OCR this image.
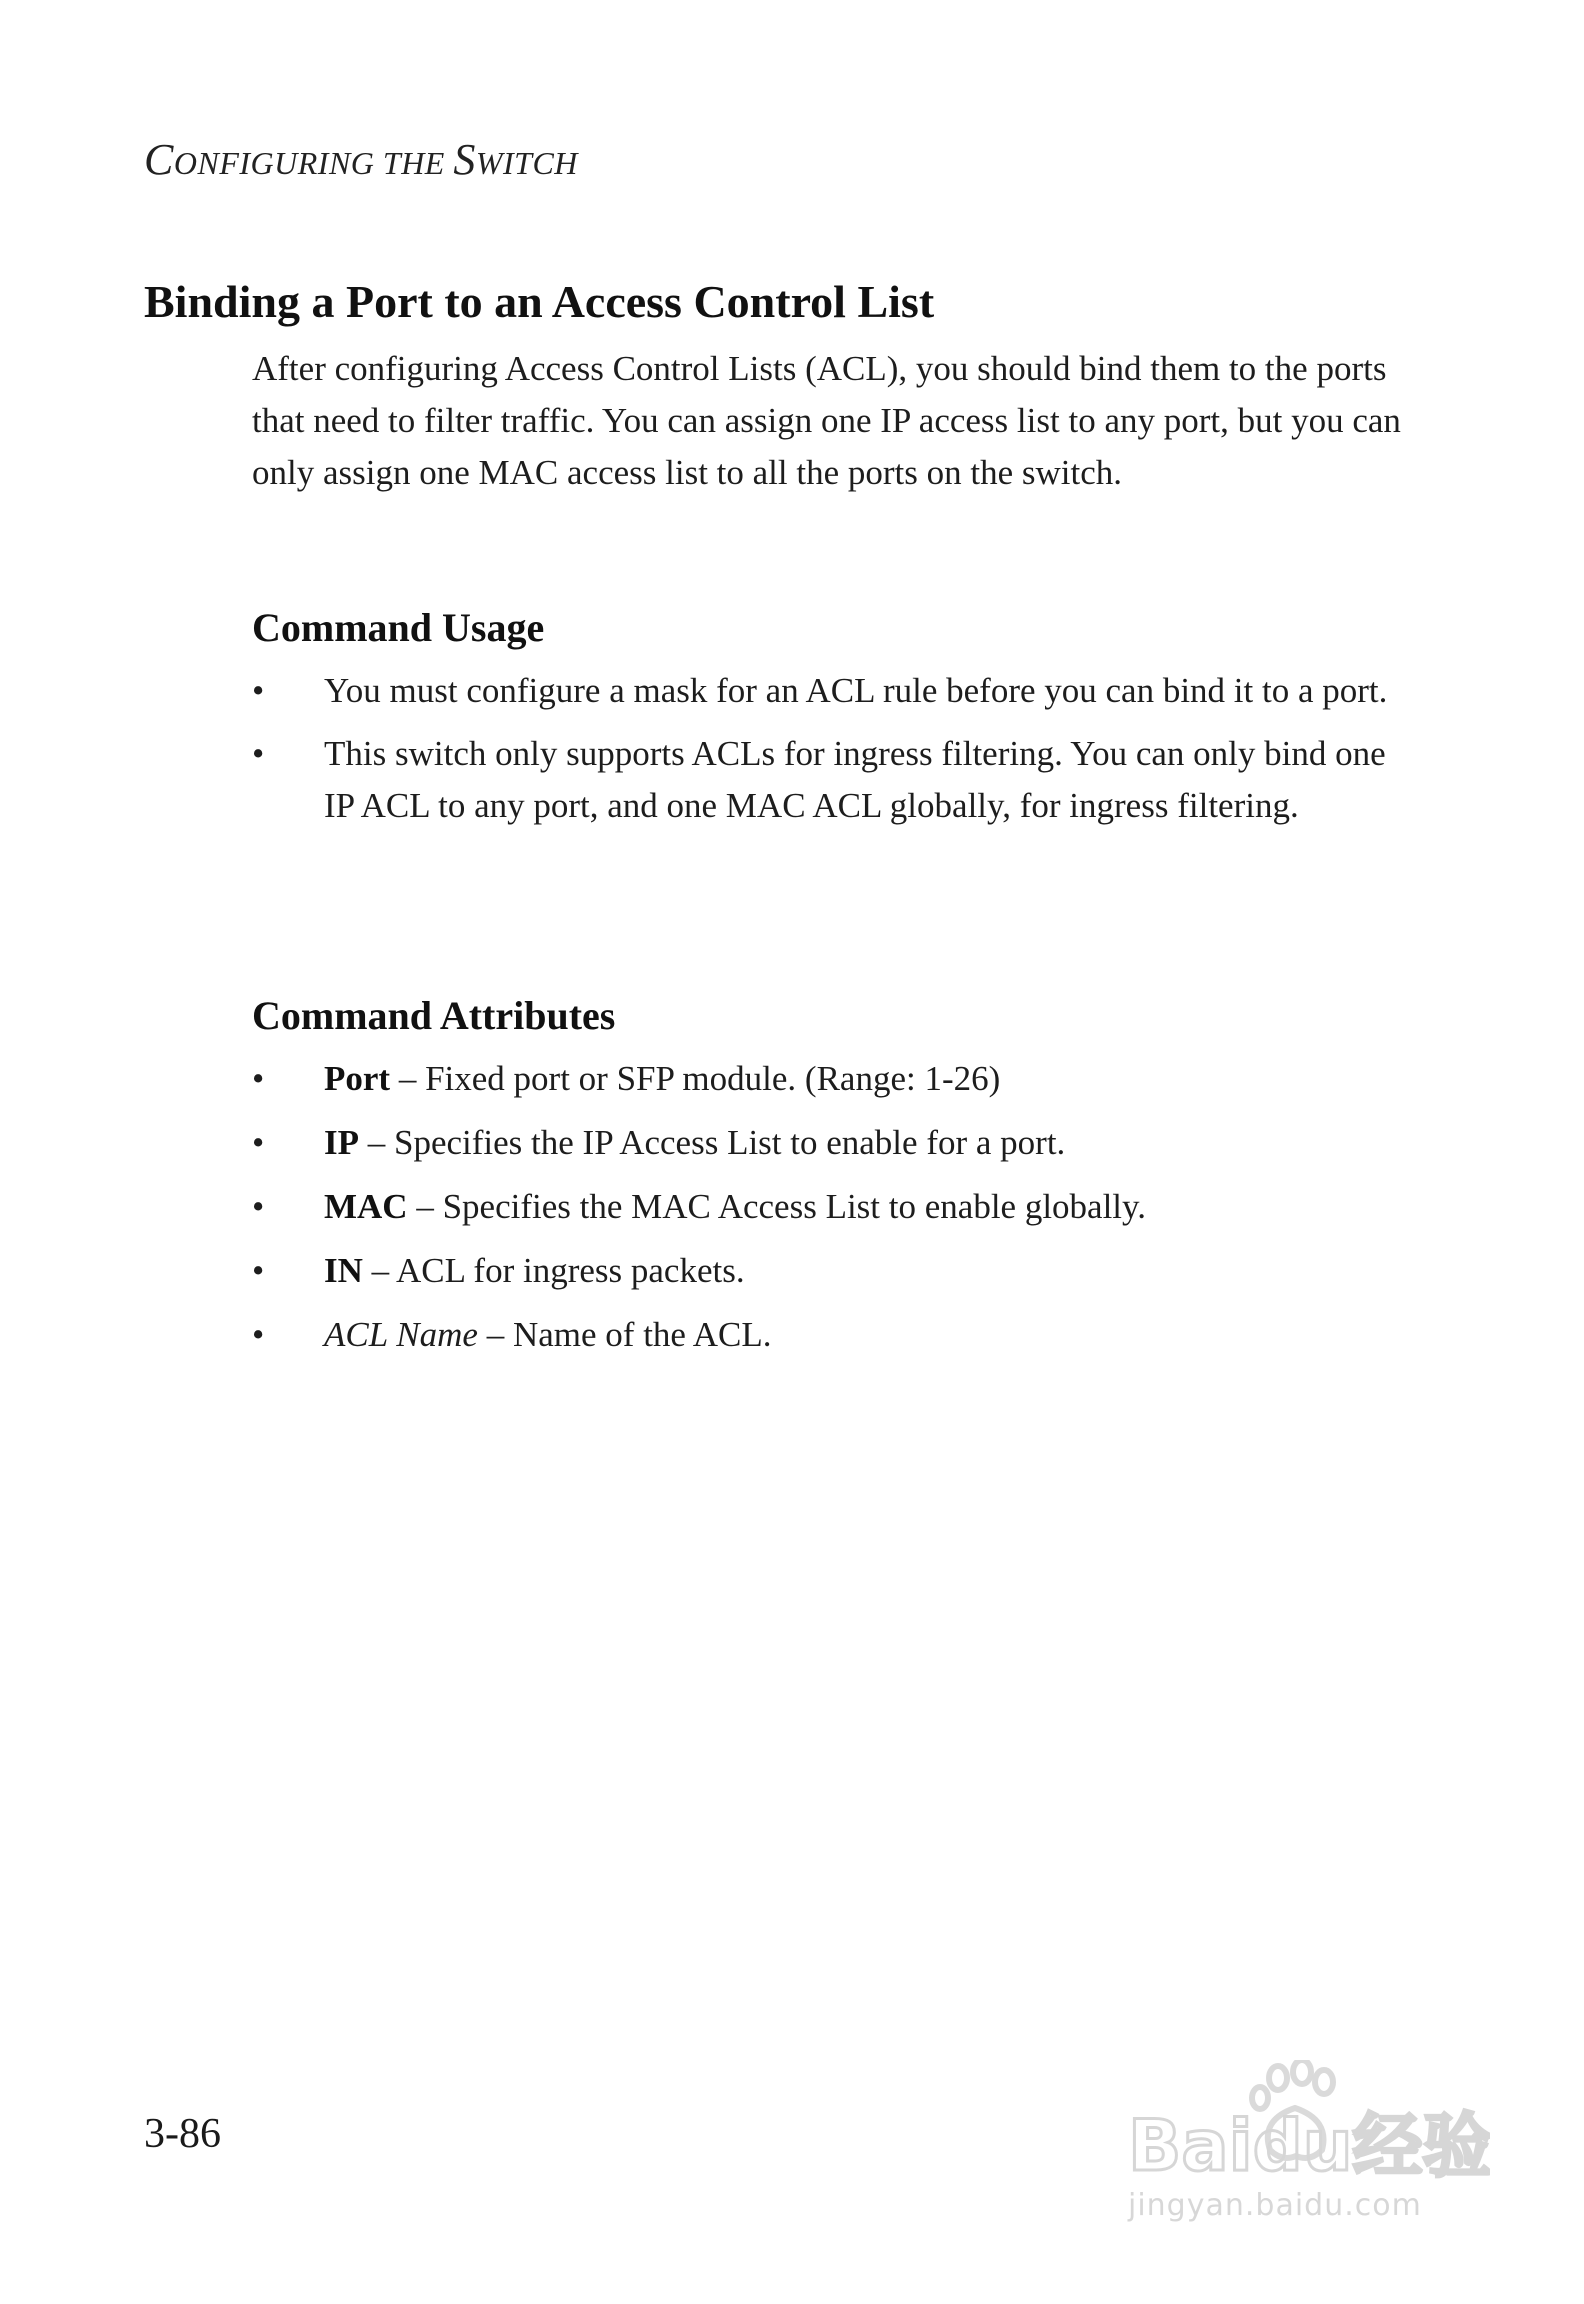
CONFIGURING THE SWITCH
Binding a Port to an Access Control List

After configuring Access Control Lists (ACL), you should bind them to the ports that need to filter traffic. You can assign one IP access list to any port, but you can only assign one MAC access list to all the ports on the switch.

Command Usage
• You must configure a mask for an ACL rule before you can bind it to a port.
• This switch only supports ACLs for ingress filtering. You can only bind one IP ACL to any port, and one MAC ACL globally, for ingress filtering.
Command Attributes
• Port – Fixed port or SFP module. (Range: 1-26)
• IP – Specifies the IP Access List to enable for a port.
• MAC – Specifies the MAC Access List to enable globally.
• IN – ACL for ingress packets.
• ACL Name – Name of the ACL.
3-86	Baidu经验
jingyan.baidu.com
